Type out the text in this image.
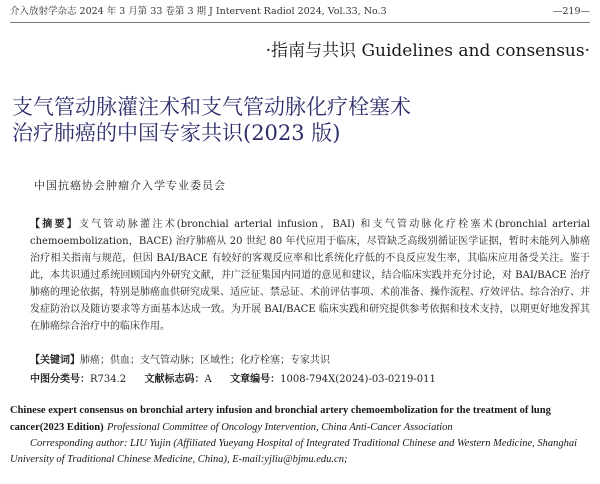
介入放射学杂志 2024 年 3 月第 33 卷第 3 期 J Intervent Radiol 2024, Vol.33, No.3	—219—
·指南与共识 Guidelines and consensus·
支气管动脉灌注术和支气管动脉化疗栓塞术
治疗肺癌的中国专家共识(2023 版)
中国抗癌协会肿瘤介入学专业委员会
【摘要】支气管动脉灌注术(bronchial arterial infusion，BAI) 和支气管动脉化疗栓塞术(bronchial arterial chemoembolization，BACE) 治疗肺癌从 20 世纪 80 年代应用于临床，尽管缺乏高级别循证医学证据，暂时未能列入肺癌治疗相关指南与规范，但因 BAI/BACE 有较好的客观反应率和比系统化疗低的不良反应发生率，其临床应用备受关注。鉴于此，本共识通过系统回顾国内外研究文献，并广泛征集国内同道的意见和建议，结合临床实践并充分讨论，对 BAI/BACE 治疗肺癌的理论依据，特别是肺癌血供研究成果、适应证、禁忌证、术前评估事项、术前准备、操作流程、疗效评估、综合治疗、并发症防治以及随访要求等方面基本达成一致。为开展 BAI/BACE 临床实践和研究提供参考依据和技术支持，以期更好地发挥其在肺癌综合治疗中的临床作用。
【关键词】肺癌；供血；支气管动脉；区域性；化疗栓塞；专家共识
中图分类号：R734.2 文献标志码：A 文章编号：1008-794X(2024)-03-0219-011
Chinese expert consensus on bronchial artery infusion and bronchial artery chemoembolization for the treatment of lung cancer(2023 Edition) Professional Committee of Oncology Intervention, China Anti-Cancer Association
Corresponding author: LIU Yujin (Affiliated Yueyang Hospital of Integrated Traditional Chinese and Western Medicine, Shanghai University of Traditional Chinese Medicine, China), E-mail:yjliu@bjmu.edu.cn;
